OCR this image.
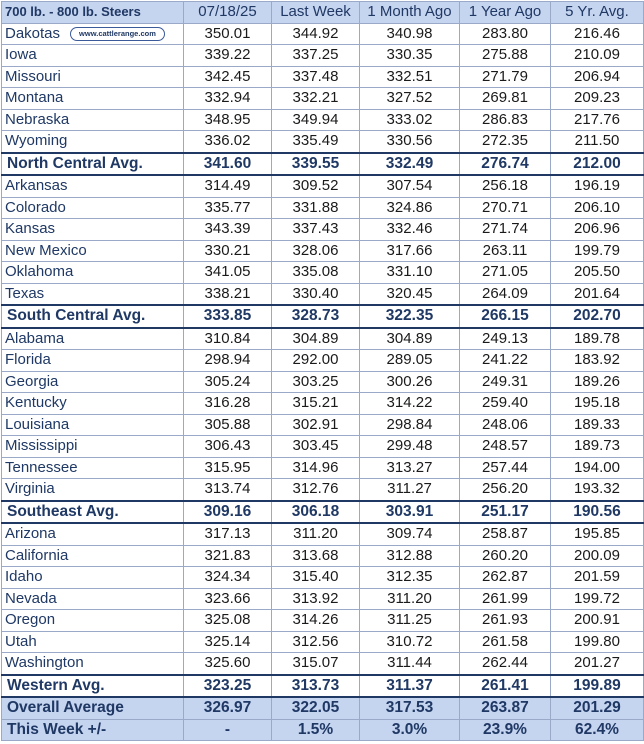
700 lb. - 800 lb. Steers	07/18/25	Last Week	1 Month Ago	1 Year Ago	5 Yr. Avg.
Dakotas www.cattlerange.com	350.01	344.92	340.98	283.80	216.46
Iowa	339.22	337.25	330.35	275.88	210.09
Missouri	342.45	337.48	332.51	271.79	206.94
Montana	332.94	332.21	327.52	269.81	209.23
Nebraska	348.95	349.94	333.02	286.83	217.76
Wyoming	336.02	335.49	330.56	272.35	211.50
North Central Avg.	341.60	339.55	332.49	276.74	212.00
Arkansas	314.49	309.52	307.54	256.18	196.19
Colorado	335.77	331.88	324.86	270.71	206.10
Kansas	343.39	337.43	332.46	271.74	206.96
New Mexico	330.21	328.06	317.66	263.11	199.79
Oklahoma	341.05	335.08	331.10	271.05	205.50
Texas	338.21	330.40	320.45	264.09	201.64
South Central Avg.	333.85	328.73	322.35	266.15	202.70
Alabama	310.84	304.89	304.89	249.13	189.78
Florida	298.94	292.00	289.05	241.22	183.92
Georgia	305.24	303.25	300.26	249.31	189.26
Kentucky	316.28	315.21	314.22	259.40	195.18
Louisiana	305.88	302.91	298.84	248.06	189.33
Mississippi	306.43	303.45	299.48	248.57	189.73
Tennessee	315.95	314.96	313.27	257.44	194.00
Virginia	313.74	312.76	311.27	256.20	193.32
Southeast Avg.	309.16	306.18	303.91	251.17	190.56
Arizona	317.13	311.20	309.74	258.87	195.85
California	321.83	313.68	312.88	260.20	200.09
Idaho	324.34	315.40	312.35	262.87	201.59
Nevada	323.66	313.92	311.20	261.99	199.72
Oregon	325.08	314.26	311.25	261.93	200.91
Utah	325.14	312.56	310.72	261.58	199.80
Washington	325.60	315.07	311.44	262.44	201.27
Western Avg.	323.25	313.73	311.37	261.41	199.89
Overall Average	326.97	322.05	317.53	263.87	201.29
This Week +/-	-	1.5%	3.0%	23.9%	62.4%
